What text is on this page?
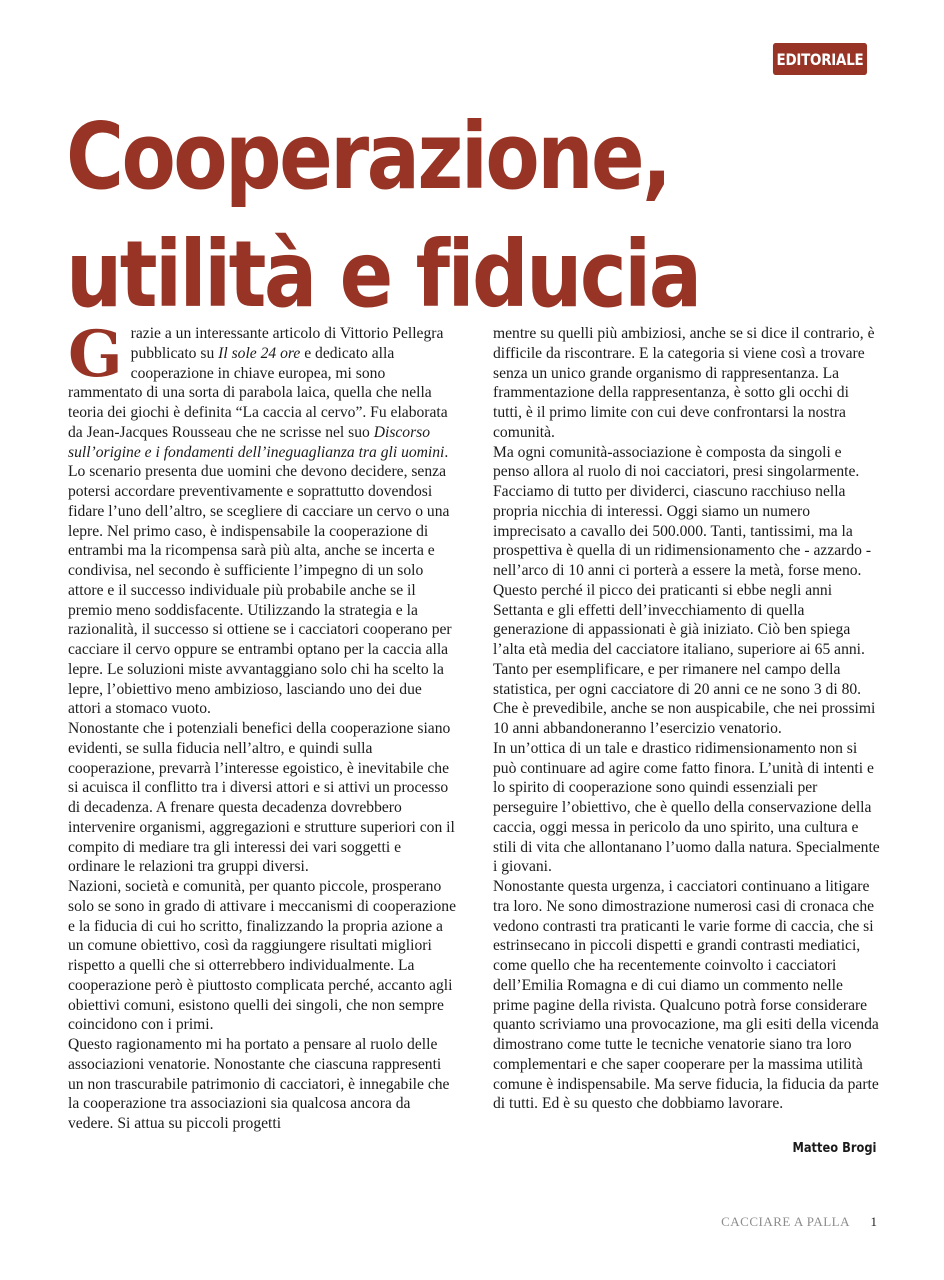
EDITORIALE
Cooperazione,
utilità e fiducia

Grazie a un interessante articolo di Vittorio Pellegra pubblicato su Il sole 24 ore e dedicato alla cooperazione in chiave europea, mi sono rammentato di una sorta di parabola laica, quella che nella teoria dei giochi è definita “La caccia al cervo”. Fu elaborata da Jean-Jacques Rousseau che ne scrisse nel suo Discorso sull’origine e i fondamenti dell’ineguaglianza tra gli uomini.

Lo scenario presenta due uomini che devono decidere, senza potersi accordare preventivamente e soprattutto dovendosi fidare l’uno dell’altro, se scegliere di cacciare un cervo o una lepre. Nel primo caso, è indispensabile la cooperazione di entrambi ma la ricompensa sarà più alta, anche se incerta e condivisa, nel secondo è sufficiente l’impegno di un solo attore e il successo individuale più probabile anche se il premio meno soddisfacente. Utilizzando la strategia e la razionalità, il successo si ottiene se i cacciatori cooperano per cacciare il cervo oppure se entrambi optano per la caccia alla lepre. Le soluzioni miste avvantaggiano solo chi ha scelto la lepre, l’obiettivo meno ambizioso, lasciando uno dei due attori a stomaco vuoto.

Nonostante che i potenziali benefici della cooperazione siano evidenti, se sulla fiducia nell’altro, e quindi sulla cooperazione, prevarrà l’interesse egoistico, è inevitabile che si acuisca il conflitto tra i diversi attori e si attivi un processo di decadenza. A frenare questa decadenza dovrebbero intervenire organismi, aggregazioni e strutture superiori con il compito di mediare tra gli interessi dei vari soggetti e ordinare le relazioni tra gruppi diversi.

Nazioni, società e comunità, per quanto piccole, prosperano solo se sono in grado di attivare i meccanismi di cooperazione e la fiducia di cui ho scritto, finalizzando la propria azione a un comune obiettivo, così da raggiungere risultati migliori rispetto a quelli che si otterrebbero individualmente. La cooperazione però è piuttosto complicata perché, accanto agli obiettivi comuni, esistono quelli dei singoli, che non sempre coincidono con i primi.

Questo ragionamento mi ha portato a pensare al ruolo delle associazioni venatorie. Nonostante che ciascuna rappresenti un non trascurabile patrimonio di cacciatori, è innegabile che la cooperazione tra associazioni sia qualcosa ancora da vedere. Si attua su piccoli progetti

mentre su quelli più ambiziosi, anche se si dice il contrario, è difficile da riscontrare. E la categoria si viene così a trovare senza un unico grande organismo di rappresentanza. La frammentazione della rappresentanza, è sotto gli occhi di tutti, è il primo limite con cui deve confrontarsi la nostra comunità.

Ma ogni comunità-associazione è composta da singoli e penso allora al ruolo di noi cacciatori, presi singolarmente. Facciamo di tutto per dividerci, ciascuno racchiuso nella propria nicchia di interessi. Oggi siamo un numero imprecisato a cavallo dei 500.000. Tanti, tantissimi, ma la prospettiva è quella di un ridimensionamento che - azzardo - nell’arco di 10 anni ci porterà a essere la metà, forse meno. Questo perché il picco dei praticanti si ebbe negli anni Settanta e gli effetti dell’invecchiamento di quella generazione di appassionati è già iniziato. Ciò ben spiega l’alta età media del cacciatore italiano, superiore ai 65 anni. Tanto per esemplificare, e per rimanere nel campo della statistica, per ogni cacciatore di 20 anni ce ne sono 3 di 80. Che è prevedibile, anche se non auspicabile, che nei prossimi 10 anni abbandoneranno l’esercizio venatorio.

In un’ottica di un tale e drastico ridimensionamento non si può continuare ad agire come fatto finora. L’unità di intenti e lo spirito di cooperazione sono quindi essenziali per perseguire l’obiettivo, che è quello della conservazione della caccia, oggi messa in pericolo da uno spirito, una cultura e stili di vita che allontanano l’uomo dalla natura. Specialmente i giovani.

Nonostante questa urgenza, i cacciatori continuano a litigare tra loro. Ne sono dimostrazione numerosi casi di cronaca che vedono contrasti tra praticanti le varie forme di caccia, che si estrinsecano in piccoli dispetti e grandi contrasti mediatici, come quello che ha recentemente coinvolto i cacciatori dell’Emilia Romagna e di cui diamo un commento nelle prime pagine della rivista. Qualcuno potrà forse considerare quanto scriviamo una provocazione, ma gli esiti della vicenda dimostrano come tutte le tecniche venatorie siano tra loro complementari e che saper cooperare per la massima utilità comune è indispensabile. Ma serve fiducia, la fiducia da parte di tutti. Ed è su questo che dobbiamo lavorare.

Matteo Brogi
CACCIARE A PALLA 1
